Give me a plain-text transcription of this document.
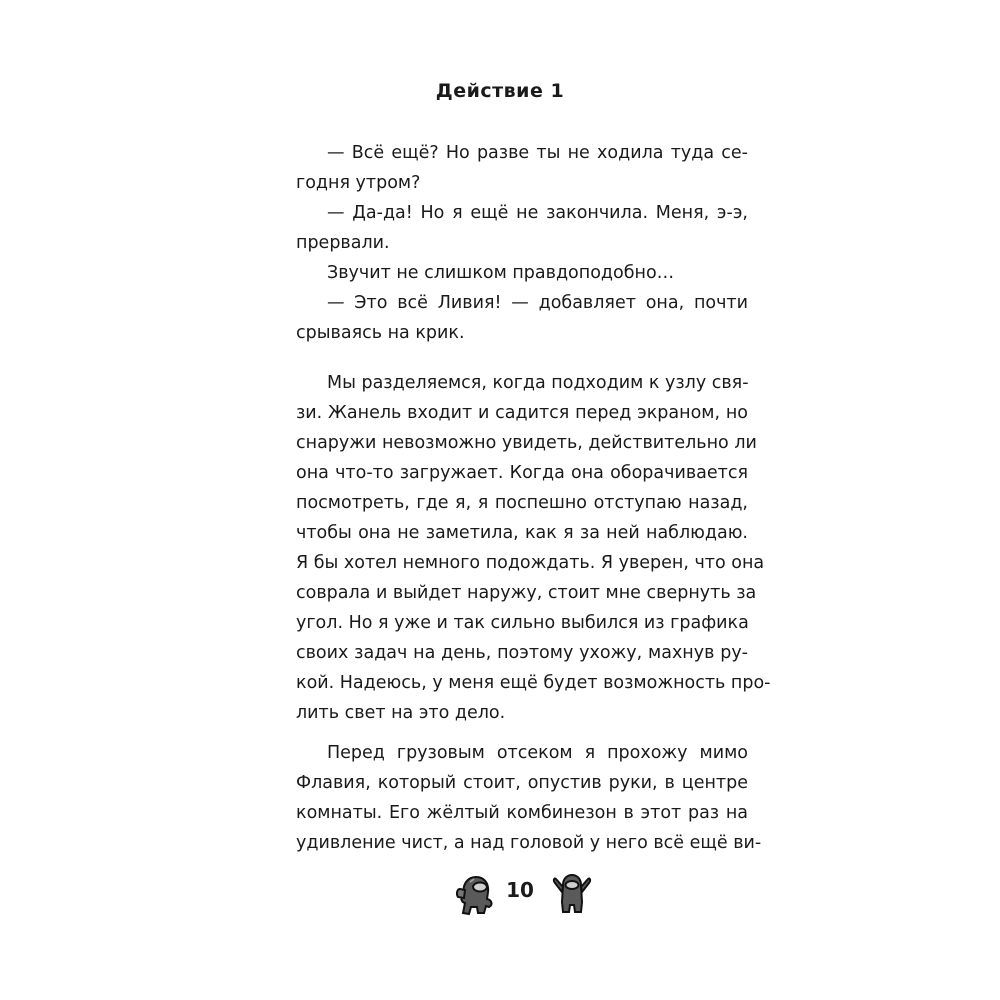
Действие 1
— Всё ещё? Но разве ты не ходила туда се-
годня утром?
— Да-да! Но я ещё не закончила. Меня, э-э,
прервали.
Звучит не слишком правдоподобно…
— Это всё Ливия! — добавляет она, почти
срываясь на крик.
Мы разделяемся, когда подходим к узлу свя-
зи. Жанель входит и садится перед экраном, но
снаружи невозможно увидеть, действительно ли
она что-то загружает. Когда она оборачивается
посмотреть, где я, я поспешно отступаю назад,
чтобы она не заметила, как я за ней наблюдаю.
Я бы хотел немного подождать. Я уверен, что она
соврала и выйдет наружу, стоит мне свернуть за
угол. Но я уже и так сильно выбился из графика
своих задач на день, поэтому ухожу, махнув ру-
кой. Надеюсь, у меня ещё будет возможность про-
лить свет на это дело.
Перед грузовым отсеком я прохожу мимо
Флавия, который стоит, опустив руки, в центре
комнаты. Его жёлтый комбинезон в этот раз на
удивление чист, а над головой у него всё ещё ви-
10
